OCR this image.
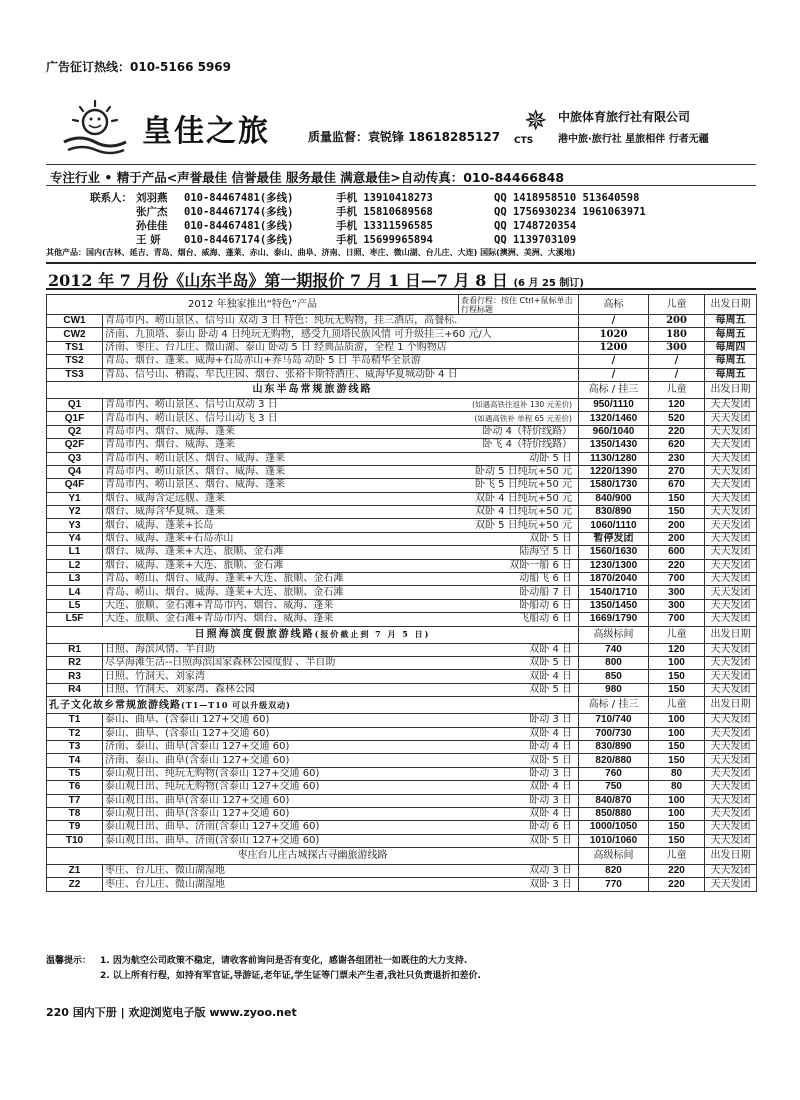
广告征订热线：010-5166 5969
皇佳之旅	质量监督：袁锐锋 18618285127 ✵
CTS
中旅体育旅行社有限公司
港中旅·旅行社 星旅相伴 行者无疆
专注行业 • 精于产品<声誉最佳 信誉最佳 服务最佳 满意最佳>自动传真：010-84466848
联系人： 刘羽燕 010-84467481(多线)	手机 13910418273	QQ 1418958510 513640598
张广杰 010-84467174(多线)	手机 15810689568	QQ 1756930234 1961063971
孙佳佳 010-84467481(多线)	手机 13311596585	QQ 1748720354
王 妍 010-84467174(多线)	手机 15699965894	QQ 1139703109
其他产品：国内(吉林、延吉、青岛、烟台、威海、蓬莱、赤山、泰山、曲阜、济南、日照、枣庄、微山湖、台儿庄、大连) 国际(澳洲、美洲、大溪地)
2012 年 7 月份《山东半岛》第一期报价 7 月 1 日—7 月 8 日 (6 月 25 制订)
2012 年独家推出“特色”产品		查看行程：按住 Ctrl+鼠标单击行程标题	高标	儿童	出发日期
CW1	青岛市内、崂山景区、信号山 双动 3 日 特色：纯玩无购物，挂三酒店，高餐标.		/	200	每周五
CW2	济南、九顶塔、泰山 卧动 4 日纯玩无购物，感受九顶塔民族风情 可升级挂三+60 元/人		1020	180	每周五
TS1	济南、枣庄、台儿庄、微山湖、泰山 卧动 5 日 经典品质游，全程 1 个购物店		1200	300	每周四
TS2	青岛、烟台、蓬莱、威海+石岛赤山+养马岛 动卧 5 日 半岛精华全景游		/	/	每周五
TS3	青岛、信号山、栖霞、牟氏庄园、烟台、张裕卡斯特酒庄、威海华夏城动卧 4 日		/	/	每周五
山东半岛常规旅游线路			高标 / 挂三	儿童	出发日期
Q1	青岛市内、崂山景区、信号山双动 3 日 (如遇高铁往返补 130 元差价)		950/1110	120	天天发团
Q1F	青岛市内、崂山景区、信号山动飞 3 日 (如遇高铁补 单程 65 元差价)		1320/1460	520	天天发团
Q2	青岛市内、烟台、威海、蓬莱 卧动 4（特价线路）		960/1040	220	天天发团
Q2F	青岛市内、烟台、威海、蓬莱 卧飞 4（特价线路）		1350/1430	620	天天发团
Q3	青岛市内、崂山景区、烟台、威海、蓬莱 动卧 5 日		1130/1280	230	天天发团
Q4	青岛市内、崂山景区、烟台、威海、蓬莱 卧动 5 日纯玩+50 元		1220/1390	270	天天发团
Q4F	青岛市内、崂山景区、烟台、威海、蓬莱 卧飞 5 日纯玩+50 元		1580/1730	670	天天发团
Y1	烟台、威海含定远舰、蓬莱 双卧 4 日纯玩+50 元		840/900	150	天天发团
Y2	烟台、威海含华夏城、蓬莱 双卧 4 日纯玩+50 元		830/890	150	天天发团
Y3	烟台、威海、蓬莱+长岛 双卧 5 日纯玩+50 元		1060/1110	200	天天发团
Y4	烟台、威海、蓬莱+石岛赤山 双卧 5 日		暂停发团	200	天天发团
L1	烟台、威海、蓬莱+大连、旅顺、金石滩 陆海空 5 日		1560/1630	600	天天发团
L2	烟台、威海、蓬莱+大连、旅顺、金石滩 双卧一船 6 日		1230/1300	220	天天发团
L3	青岛、崂山、烟台、威海、蓬莱+大连、旅顺、金石滩 动船飞 6 日		1870/2040	700	天天发团
L4	青岛、崂山、烟台、威海、蓬莱+大连、旅顺、金石滩 卧动船 7 日		1540/1710	300	天天发团
L5	大连、旅顺、金石滩+青岛市内、烟台、威海、蓬莱 卧船动 6 日		1350/1450	300	天天发团
L5F	大连、旅顺、金石滩+青岛市内、烟台、威海、蓬莱 飞船动 6 日		1669/1790	700	天天发团
日照海滨度假旅游线路(报价截止到 7 月 5 日)			高级标间	儿童	出发日期
R1	日照、海滨风情、半自助 双卧 4 日		740	120	天天发团
R2	尽享海滩生活--日照海滨国家森林公园度假 、半自助 双卧 5 日		800	100	天天发团
R3	日照、竹洞天、刘家湾 双卧 4 日		850	150	天天发团
R4	日照、竹洞天、刘家湾、森林公园 双卧 5 日		980	150	天天发团
孔子文化故乡常规旅游线路(T1—T10 可以升级双动)			高标 / 挂三	儿童	出发日期
T1	泰山、曲阜、(含泰山 127+交通 60) 卧动 3 日		710/740	100	天天发团
T2	泰山、曲阜、(含泰山 127+交通 60) 双卧 4 日		700/730	100	天天发团
T3	济南、泰山、曲阜(含泰山 127+交通 60) 卧动 4 日		830/890	150	天天发团
T4	济南、泰山、曲阜(含泰山 127+交通 60) 双卧 5 日		820/880	150	天天发团
T5	泰山观日出、纯玩无购物(含泰山 127+交通 60) 卧动 3 日		760	80	天天发团
T6	泰山观日出、纯玩无购物(含泰山 127+交通 60) 双卧 4 日		750	80	天天发团
T7	泰山观日出、曲阜(含泰山 127+交通 60) 卧动 3 日		840/870	100	天天发团
T8	泰山观日出、曲阜(含泰山 127+交通 60) 双卧 4 日		850/880	100	天天发团
T9	泰山观日出、曲阜、济南(含泰山 127+交通 60) 卧动 6 日		1000/1050	150	天天发团
T10	泰山观日出、曲阜、济南(含泰山 127+交通 60) 双卧 5 日		1010/1060	150	天天发团
枣庄台儿庄古城探古寻幽旅游线路			高级标间	儿童	出发日期
Z1	枣庄、台儿庄、微山湖湿地 双动 3 日		820	220	天天发团
Z2	枣庄、台儿庄、微山湖湿地 双卧 3 日		770	220	天天发团
温馨提示： 1. 因为航空公司政策不稳定，请收客前询问是否有变化，感谢各组团社一如既往的大力支持.
2. 以上所有行程，如持有军官证,导游证,老年证,学生证等门票未产生者,我社只负责退折扣差价.
220 国内下册 | 欢迎浏览电子版 www.zyoo.net
